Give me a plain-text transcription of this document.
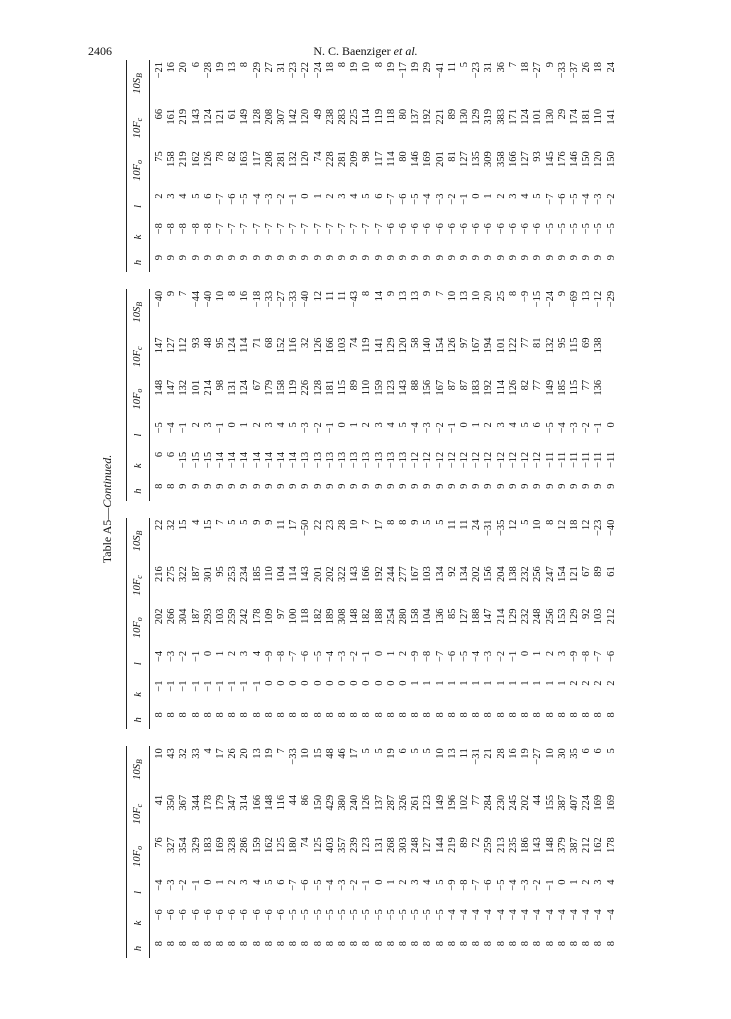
2406	N. C. Baenziger et al.
Table A5—Continued.
h	k	l	$10F_o$	$10F_c$	$10S_B$		h	k	l	$10F_o$	$10F_c$	$10S_B$		h	k	l	$10F_o$	$10F_c$	$10S_B$		h	k	l	$10F_o$	$10F_c$	$10S_B$
8	−6	−4	76	41	10		8	−1	−4	202	216	22		8	6	−5	148	147	−40		9	−8	2	75	66	−21
8	−6	−3	327	350	43		8	−1	−3	266	275	32		8	6	−4	147	127	9		9	−8	3	158	161	16
8	−6	−2	354	367	32		8	−1	−2	304	322	15		9	−15	−1	132	112	7		9	−8	4	219	219	20
8	−6	−1	329	344	33		8	−1	−1	187	187	4		9	−15	2	101	93	−44		9	−8	5	162	143	6
8	−6	0	183	178	4		8	−1	0	293	301	15		9	−15	3	214	48	−40		9	−8	6	126	124	−28
8	−6	1	169	179	17		8	−1	1	103	95	7		9	−14	−1	98	95	10		9	−7	−7	78	121	19
8	−6	2	328	347	26		8	−1	2	259	253	5		9	−14	0	131	124	8		9	−7	−6	82	61	13
8	−6	3	286	314	20		8	−1	3	242	234	5		9	−14	1	124	114	16		9	−7	−5	163	149	8
8	−6	4	159	166	13		8	−1	4	178	185	9		9	−14	2	67	71	−18		9	−7	−4	117	128	−29
8	−6	5	162	148	19		8	0	−9	109	110	9		9	−14	3	179	68	−33		9	−7	−3	208	208	27
8	−6	6	125	116	7		8	0	−8	97	104	11		9	−14	4	158	152	−27		9	−7	−2	281	307	31
8	−5	−7	180	44	−33		8	0	−7	100	114	17		9	−14	5	119	116	−33		9	−7	−1	132	142	−23
8	−5	−6	74	86	10		8	0	−6	118	143	−50		9	−13	−3	226	32	−40		9	−7	0	120	120	−22
8	−5	−5	125	150	15		8	0	−5	182	201	22		9	−13	−2	128	126	12		9	−7	1	74	49	−24
8	−5	−4	403	429	48		8	0	−4	189	202	23		9	−13	−1	181	166	11		9	−7	2	228	238	18
8	−5	−3	357	380	46		8	0	−3	308	322	28		9	−13	0	115	103	11		9	−7	3	281	283	8
8	−5	−2	239	240	17		8	0	−2	148	143	10		9	−13	1	89	74	−43		9	−7	4	209	225	19
8	−5	−1	123	126	5		8	0	−1	182	166	7		9	−13	2	110	119	8		9	−7	5	98	114	10
8	−5	0	131	137	5		8	0	0	188	192	17		9	−13	3	159	141	14		9	−7	6	117	119	8
8	−5	1	268	287	19		8	0	1	254	244	8		9	−13	4	123	129	9		9	−6	−7	114	118	19
8	−5	2	303	326	6		8	0	2	280	277	8		9	−13	5	143	120	13		9	−6	−6	80	80	−17
8	−5	3	248	261	5		8	1	−9	158	167	9		9	−12	−4	88	58	13		9	−6	−5	146	137	19
8	−5	4	127	123	5		8	1	−8	104	103	5		9	−12	−3	156	140	9		9	−6	−4	169	192	29
8	−5	5	144	149	10		8	1	−7	136	134	5		9	−12	−2	167	154	7		9	−6	−3	201	221	−41
8	−4	−9	219	196	13		8	1	−6	85	92	11		9	−12	−1	87	126	10		9	−6	−2	81	89	11
8	−4	−8	89	102	11		8	1	−5	127	134	11		9	−12	0	87	97	13		9	−6	−1	127	130	5
8	−4	−7	72	77	−31		8	1	−4	188	202	24		9	−12	1	183	167	10		9	−6	0	135	129	−23
8	−4	−6	259	284	21		8	1	−3	147	156	−31		9	−12	2	192	194	20		9	−6	1	309	319	31
8	−4	−5	213	230	28		8	1	−2	214	204	−35		9	−12	3	114	101	25		9	−6	2	358	383	36
8	−4	−4	235	245	16		8	1	−1	129	138	12		9	−12	4	126	122	8		9	−6	3	166	171	7
8	−4	−3	186	202	19		8	1	0	232	232	5		9	−12	5	82	77	−9		9	−6	4	127	124	18
8	−4	−2	143	44	−27		8	1	1	248	256	10		9	−12	6	77	81	−15		9	−6	5	93	101	−27
8	−4	−1	148	155	10		8	1	2	256	247	8		9	−11	−5	149	132	−24		9	−5	−7	145	130	9
8	−4	0	379	387	30		8	1	3	153	154	12		9	−11	−4	185	95	9		9	−5	−6	176	29	−33
8	−4	1	387	407	35		8	2	−9	129	121	18		9	−11	−3	115	115	−69		9	−5	−5	146	174	−37
8	−4	2	212	224	6		8	2	−8	92	67	12		9	−11	−2	77	69	13		9	−5	−4	150	181	26
8	−4	3	162	169	6		8	2	−7	103	89	−23		9	−11	−1	136	138	−12		9	−5	−3	120	110	18
8	−4	4	178	169	5		8	2	−6	212	61	−40		9	−11	0			−29		9	−5	−2	150	141	24
